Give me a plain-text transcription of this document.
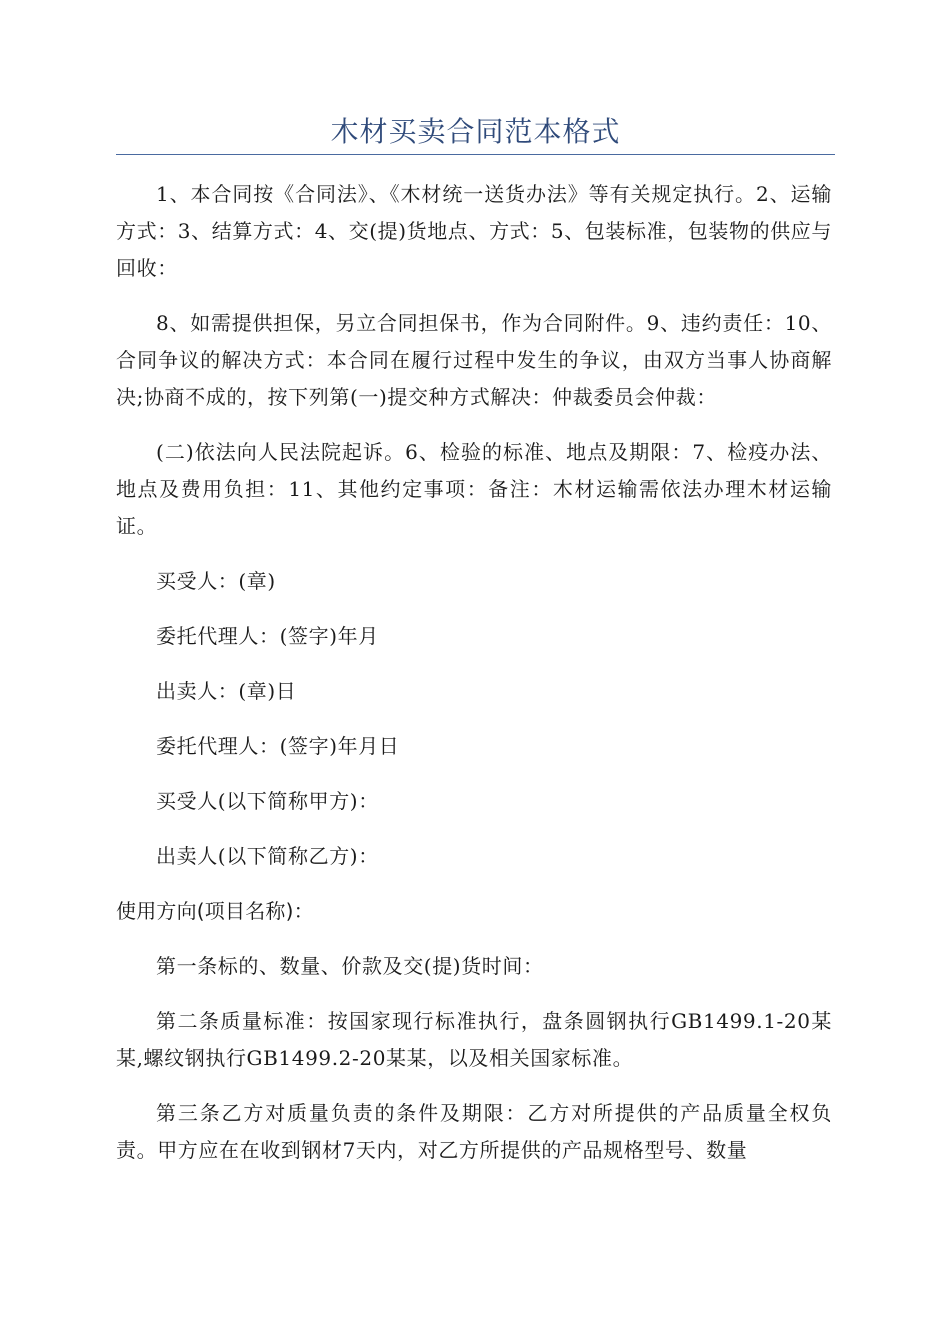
木材买卖合同范本格式

1、本合同按《合同法》、《木材统一送货办法》等有关规定执行。2、运输方式：3、结算方式：4、交(提)货地点、方式：5、包装标准，包装物的供应与回收：

8、如需提供担保，另立合同担保书，作为合同附件。9、违约责任：10、合同争议的解决方式：本合同在履行过程中发生的争议，由双方当事人协商解决;协商不成的，按下列第(一)提交种方式解决：仲裁委员会仲裁：

(二)依法向人民法院起诉。6、检验的标准、地点及期限：7、检疫办法、地点及费用负担：11、其他约定事项：备注：木材运输需依法办理木材运输证。

买受人：(章)

委托代理人：(签字)年月

出卖人：(章)日

委托代理人：(签字)年月日

买受人(以下简称甲方)：

出卖人(以下简称乙方)：

使用方向(项目名称)：

第一条标的、数量、价款及交(提)货时间：

第二条质量标准：按国家现行标准执行，盘条圆钢执行GB1499.1-20某某,螺纹钢执行GB1499.2-20某某，以及相关国家标准。

第三条乙方对质量负责的条件及期限：乙方对所提供的产品质量全权负责。甲方应在在收到钢材7天内，对乙方所提供的产品规格型号、数量
